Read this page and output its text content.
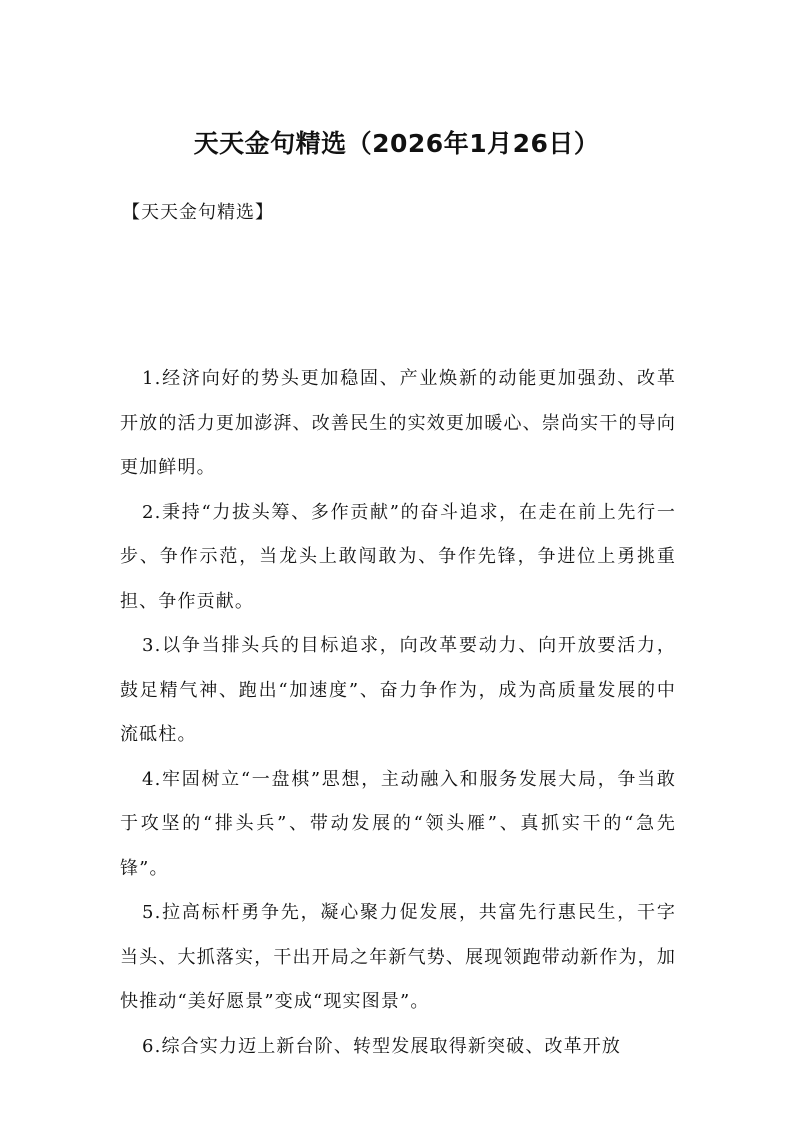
天天金句精选（2026年1月26日）
【天天金句精选】

1.经济向好的势头更加稳固、产业焕新的动能更加强劲、改革开放的活力更加澎湃、改善民生的实效更加暖心、崇尚实干的导向更加鲜明。

2.秉持“力拔头筹、多作贡献”的奋斗追求，在走在前上先行一步、争作示范，当龙头上敢闯敢为、争作先锋，争进位上勇挑重担、争作贡献。

3.以争当排头兵的目标追求，向改革要动力、向开放要活力，鼓足精气神、跑出“加速度”、奋力争作为，成为高质量发展的中流砥柱。

4.牢固树立“一盘棋”思想，主动融入和服务发展大局，争当敢于攻坚的“排头兵”、带动发展的“领头雁”、真抓实干的“急先锋”。

5.拉高标杆勇争先，凝心聚力促发展，共富先行惠民生，干字当头、大抓落实，干出开局之年新气势、展现领跑带动新作为，加快推动“美好愿景”变成“现实图景”。

6.综合实力迈上新台阶、转型发展取得新突破、改革开放
